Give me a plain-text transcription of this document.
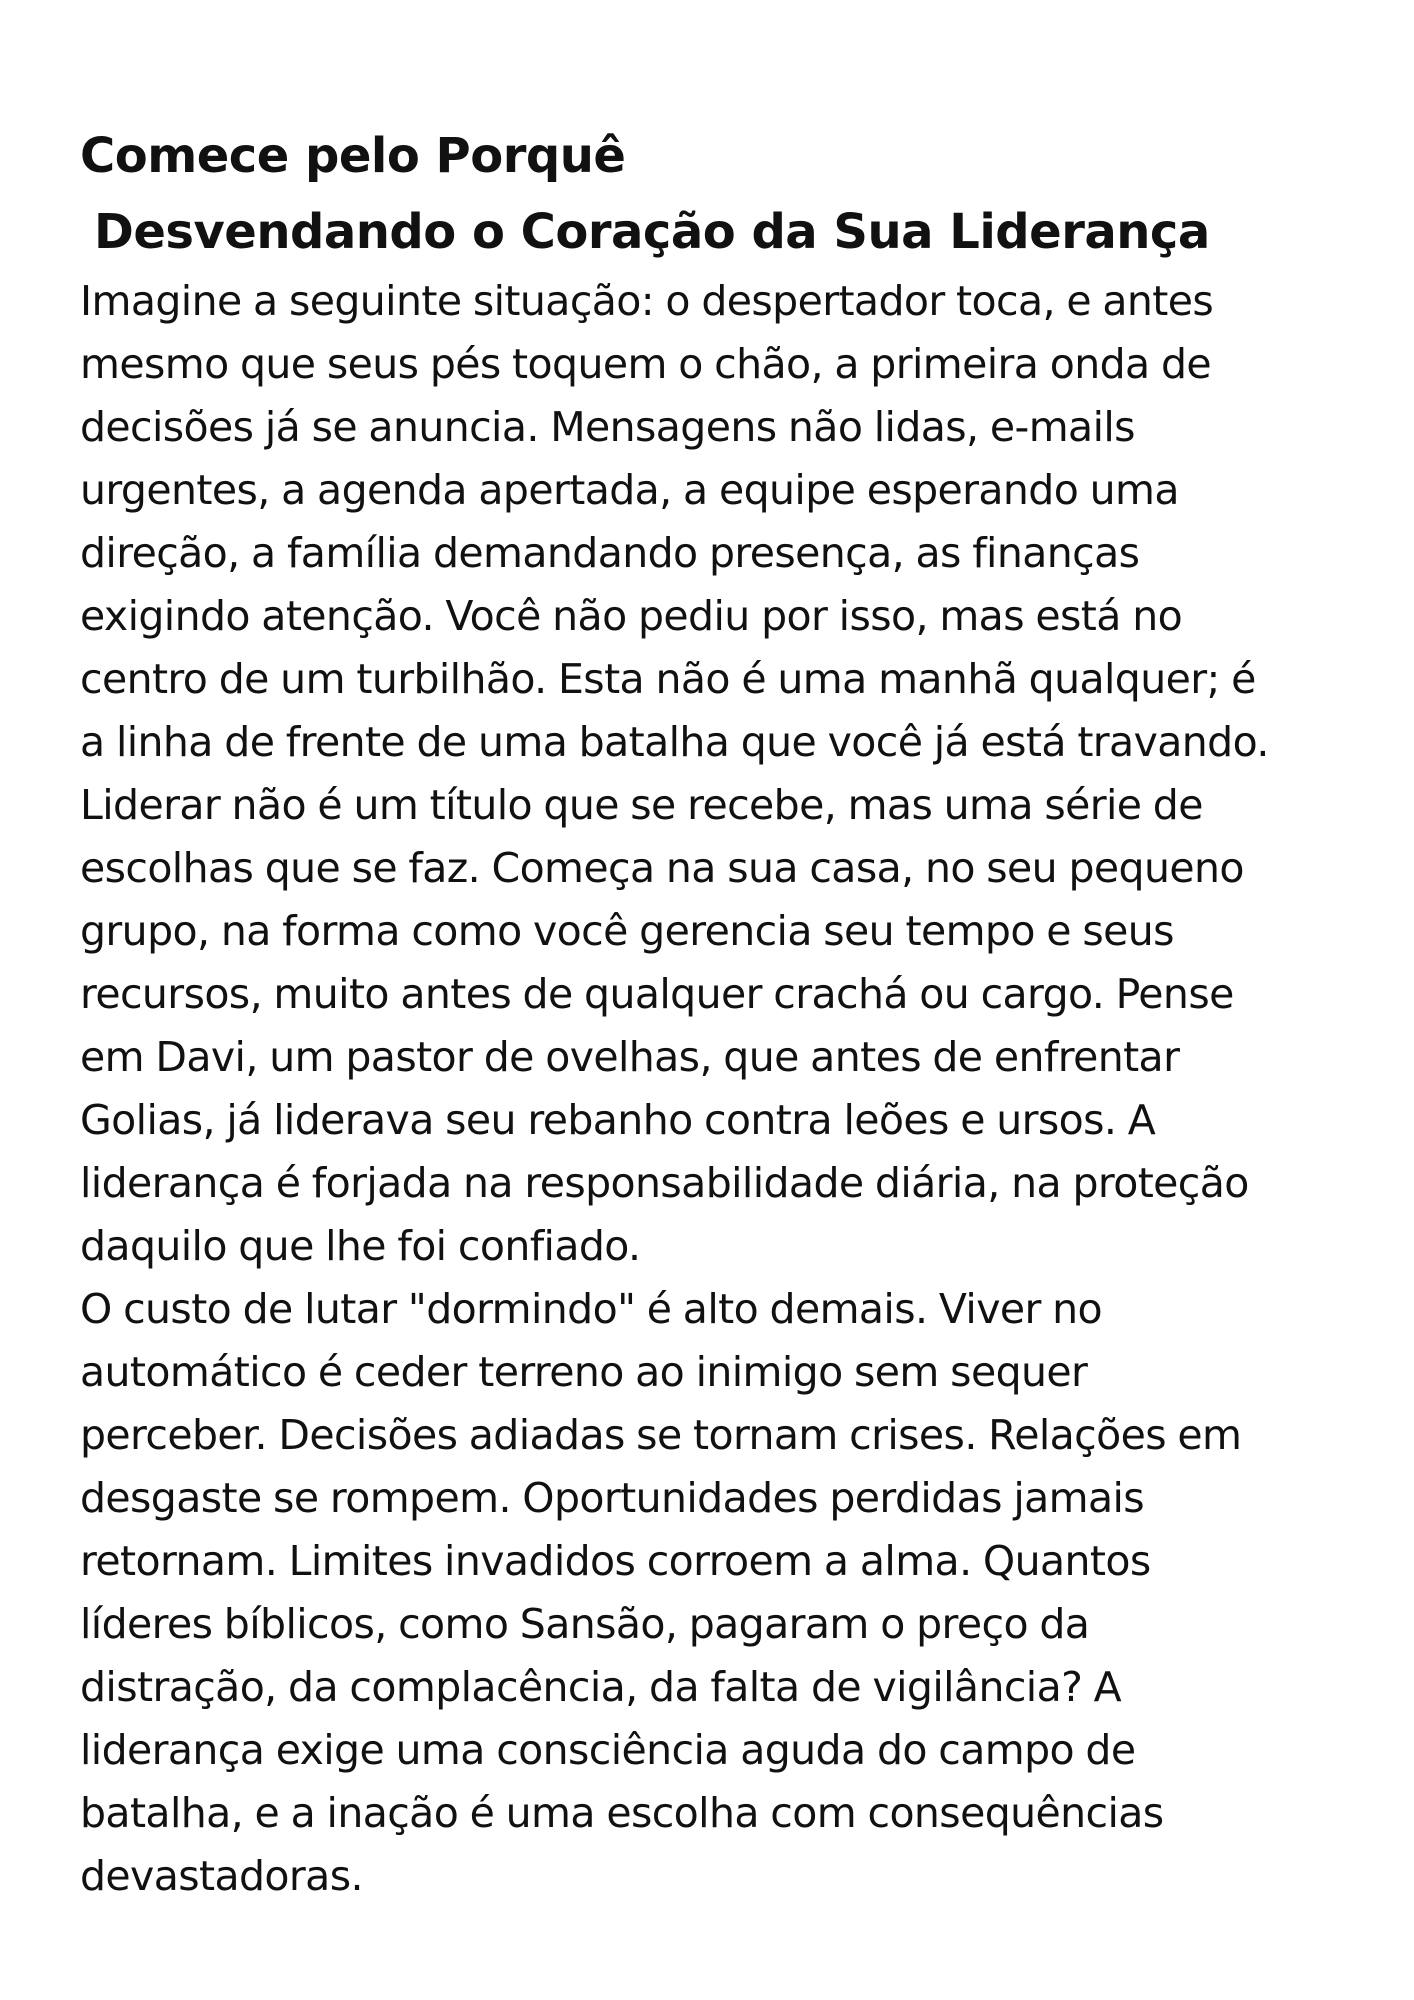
Comece pelo Porquê
Desvendando o Coração da Sua Liderança

Imagine a seguinte situação: o despertador toca, e antes
mesmo que seus pés toquem o chão, a primeira onda de
decisões já se anuncia. Mensagens não lidas, e-mails
urgentes, a agenda apertada, a equipe esperando uma
direção, a família demandando presença, as finanças
exigindo atenção. Você não pediu por isso, mas está no
centro de um turbilhão. Esta não é uma manhã qualquer; é
a linha de frente de uma batalha que você já está travando.
Liderar não é um título que se recebe, mas uma série de
escolhas que se faz. Começa na sua casa, no seu pequeno
grupo, na forma como você gerencia seu tempo e seus
recursos, muito antes de qualquer crachá ou cargo. Pense
em Davi, um pastor de ovelhas, que antes de enfrentar
Golias, já liderava seu rebanho contra leões e ursos. A
liderança é forjada na responsabilidade diária, na proteção
daquilo que lhe foi confiado.

O custo de lutar "dormindo" é alto demais. Viver no
automático é ceder terreno ao inimigo sem sequer
perceber. Decisões adiadas se tornam crises. Relações em
desgaste se rompem. Oportunidades perdidas jamais
retornam. Limites invadidos corroem a alma. Quantos
líderes bíblicos, como Sansão, pagaram o preço da
distração, da complacência, da falta de vigilância? A
liderança exige uma consciência aguda do campo de
batalha, e a inação é uma escolha com consequências
devastadoras.
